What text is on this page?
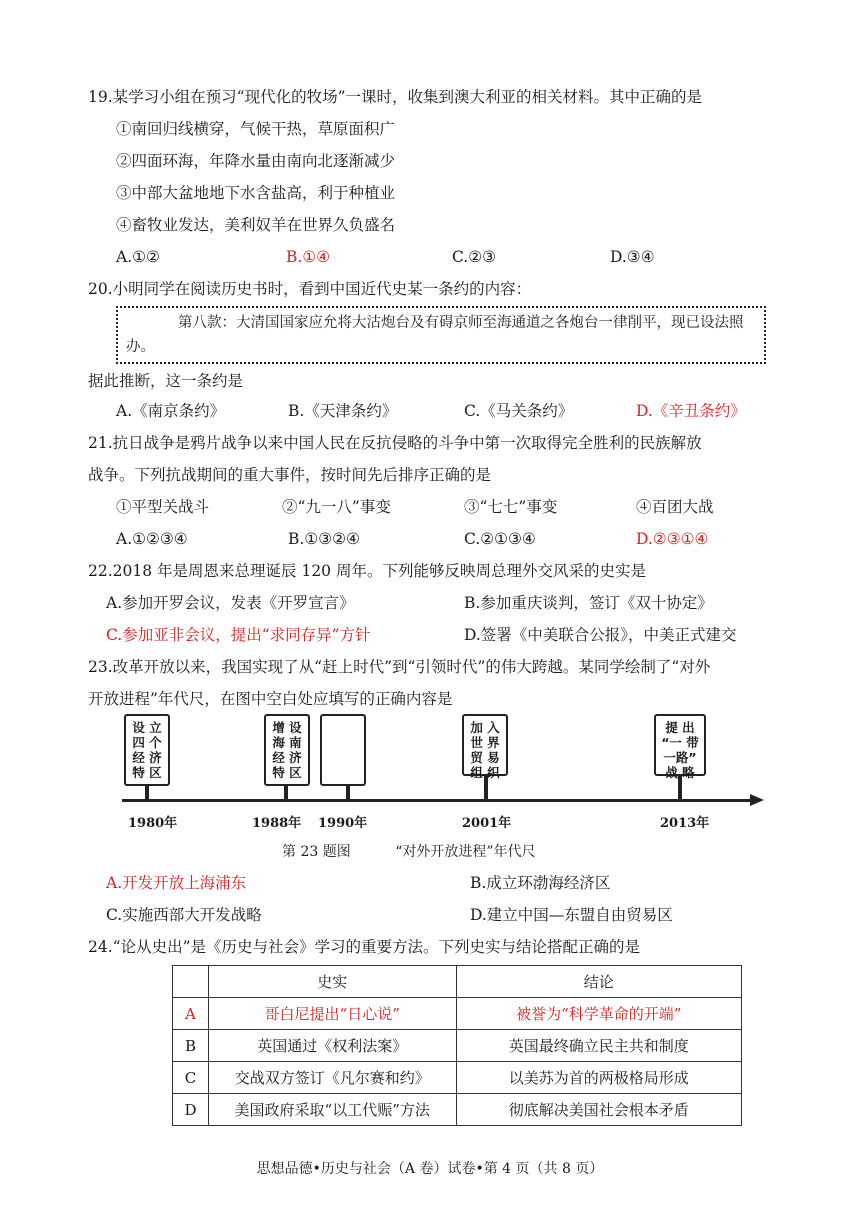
19.某学习小组在预习“现代化的牧场”一课时，收集到澳大利亚的相关材料。其中正确的是
①南回归线横穿，气候干热，草原面积广
②四面环海，年降水量由南向北逐渐减少
③中部大盆地地下水含盐高，利于种植业
④畜牧业发达，美利奴羊在世界久负盛名
A.①②	B.①④	C.②③	D.③④
20.小明同学在阅读历史书时，看到中国近代史某一条约的内容：
第八款：大清国国家应允将大沽炮台及有碍京师至海通道之各炮台一律削平，现已设法照办。
据此推断，这一条约是
A.《南京条约》	B.《天津条约》	C.《马关条约》	D.《辛丑条约》
21.抗日战争是鸦片战争以来中国人民在反抗侵略的斗争中第一次取得完全胜利的民族解放
战争。下列抗战期间的重大事件，按时间先后排序正确的是
①平型关战斗	②“九一八”事变	③“七七”事变	④百团大战
A.①②③④	B.①③②④	C.②①③④	D.②③①④
22.2018 年是周恩来总理诞辰 120 周年。下列能够反映周总理外交风采的史实是
A.参加开罗会议，发表《开罗宣言》	B.参加重庆谈判，签订《双十协定》
C.参加亚非会议，提出“求同存异”方针	D.签署《中美联合公报》，中美正式建交
23.改革开放以来，我国实现了从“赶上时代”到“引领时代”的伟大跨越。某同学绘制了“对外
开放进程”年代尺，在图中空白处应填写的正确内容是
设 立
四 个
经 济
特 区
增 设
海 南
经 济
特 区
加 入
世 界
贸 易
组 织
提 出
“一 带
一路”
战 略
1980年	1988年 1990年	2001年	2013年
第 23 题图          “对外开放进程”年代尺
A.开发开放上海浦东	B.成立环渤海经济区
C.实施西部大开发战略	D.建立中国—东盟自由贸易区
24.“论从史出”是《历史与社会》学习的重要方法。下列史实与结论搭配正确的是
	史实	结论
A	哥白尼提出“日心说”	被誉为“科学革命的开端”
B	英国通过《权利法案》	英国最终确立民主共和制度
C	交战双方签订《凡尔赛和约》	以美苏为首的两极格局形成
D	美国政府采取“以工代赈”方法	彻底解决美国社会根本矛盾
思想品德•历史与社会（A 卷）试卷•第 4 页（共 8 页）
